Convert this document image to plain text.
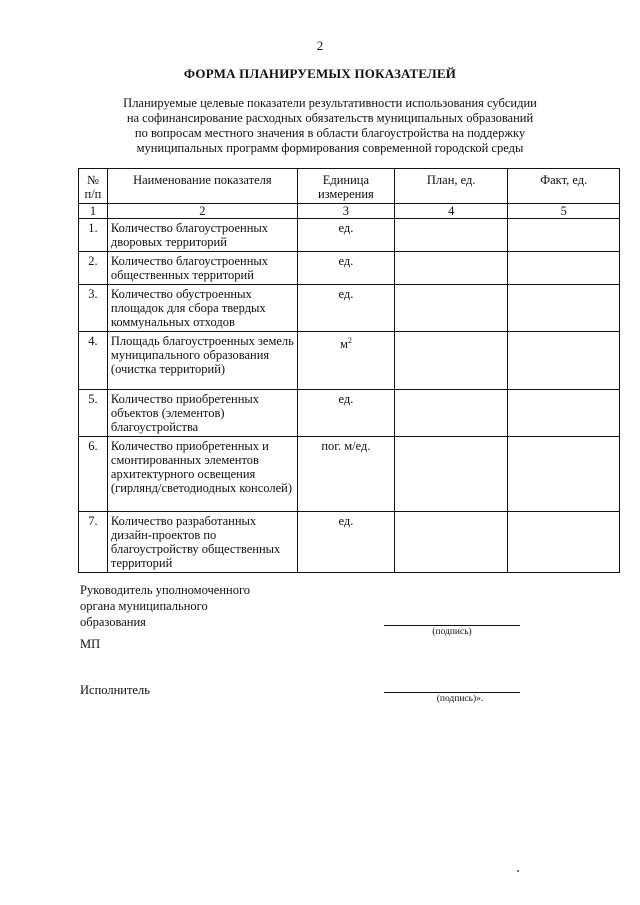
2
ФОРМА ПЛАНИРУЕМЫХ ПОКАЗАТЕЛЕЙ
Планируемые целевые показатели результативности использования субсидии
на софинансирование расходных обязательств муниципальных образований
по вопросам местного значения в области благоустройства на поддержку
муниципальных программ формирования современной городской среды
№ п/п	Наименование показателя	Единица измерения	План, ед.	Факт, ед.
1	2	3	4	5
1.	Количество благоустроенных дворовых территорий	ед.		
2.	Количество благоустроенных общественных территорий	ед.		
3.	Количество обустроенных площадок для сбора твердых коммунальных отходов	ед.		
4.	Площадь благоустроенных земель муниципального образования (очистка территорий)	$м^2$		
5.	Количество приобретенных объектов (элементов) благоустройства	ед.		
6.	Количество приобретенных и смонтированных элементов архитектурного освещения (гирлянд/светодиодных консолей)	пог. м/ед.		
7.	Количество разработанных дизайн-проектов по благоустройству общественных территорий	ед.		
Руководитель уполномоченного
органа муниципального
образования
(подпись)
МП
Исполнитель
(подпись)».
